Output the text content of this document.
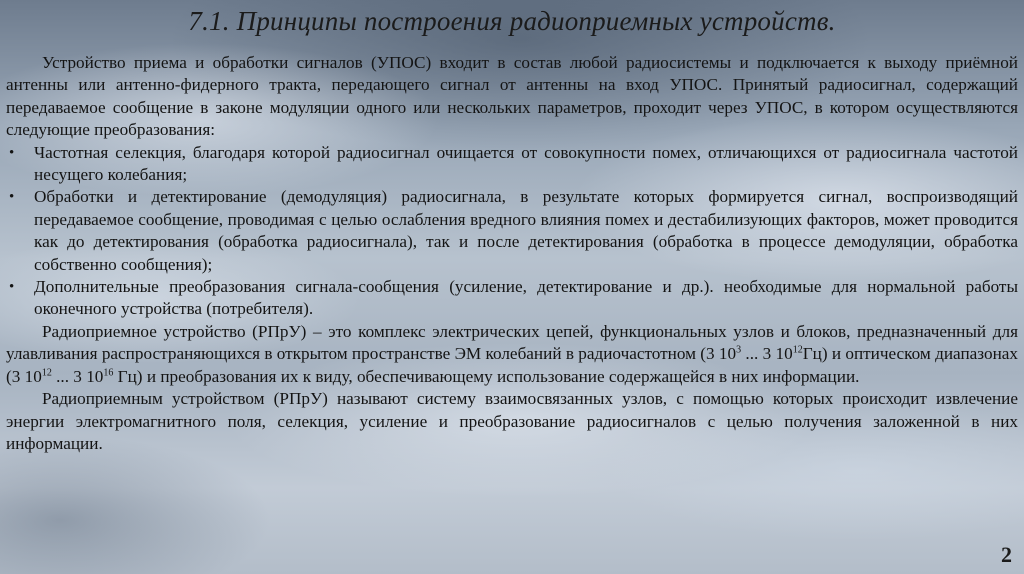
7.1. Принципы построения радиоприемных устройств.

Устройство приема и обработки сигналов (УПОС) входит в состав любой радиосистемы и подключается к выходу приёмной антенны или антенно-фидерного тракта, передающего сигнал от антенны на вход УПОС. Принятый радиосигнал, содержащий передаваемое сообщение в законе модуляции одного или нескольких параметров, проходит через УПОС, в котором осуществляются следующие преобразования:

• Частотная селекция, благодаря которой радиосигнал очищается от совокупности помех, отличающихся от радиосигнала частотой несущего колебания;
• Обработки и детектирование (демодуляция) радиосигнала, в результате которых формируется сигнал, воспроизводящий передаваемое сообщение, проводимая с целью ослабления вредного влияния помех и дестабилизующих факторов, может проводится как до детектирования (обработка радиосигнала), так и после детектирования (обработка в процессе демодуляции, обработка собственно сообщения);
• Дополнительные преобразования сигнала-сообщения (усиление, детектирование и др.). необходимые для нормальной работы оконечного устройства (потребителя).

Радиоприемное устройство (РПрУ) – это комплекс электрических цепей, функциональных узлов и блоков, предназначенный для улавливания распространяющихся в открытом пространстве ЭМ колебаний в радиочастотном (3 $10^3$ ... 3 $10^{12}Гц$) и оптическом диапазонах (3 $10^{12}$ ... 3 $10^{16}$ Гц) и преобразования их к виду, обеспечивающему использование содержащейся в них информации.

Радиоприемным устройством (РПрУ) называют систему взаимосвязанных узлов, с помощью которых происходит извлечение энергии электромагнитного поля, селекция, усиление и преобразование радиосигналов с целью получения заложенной в них информации.

2
